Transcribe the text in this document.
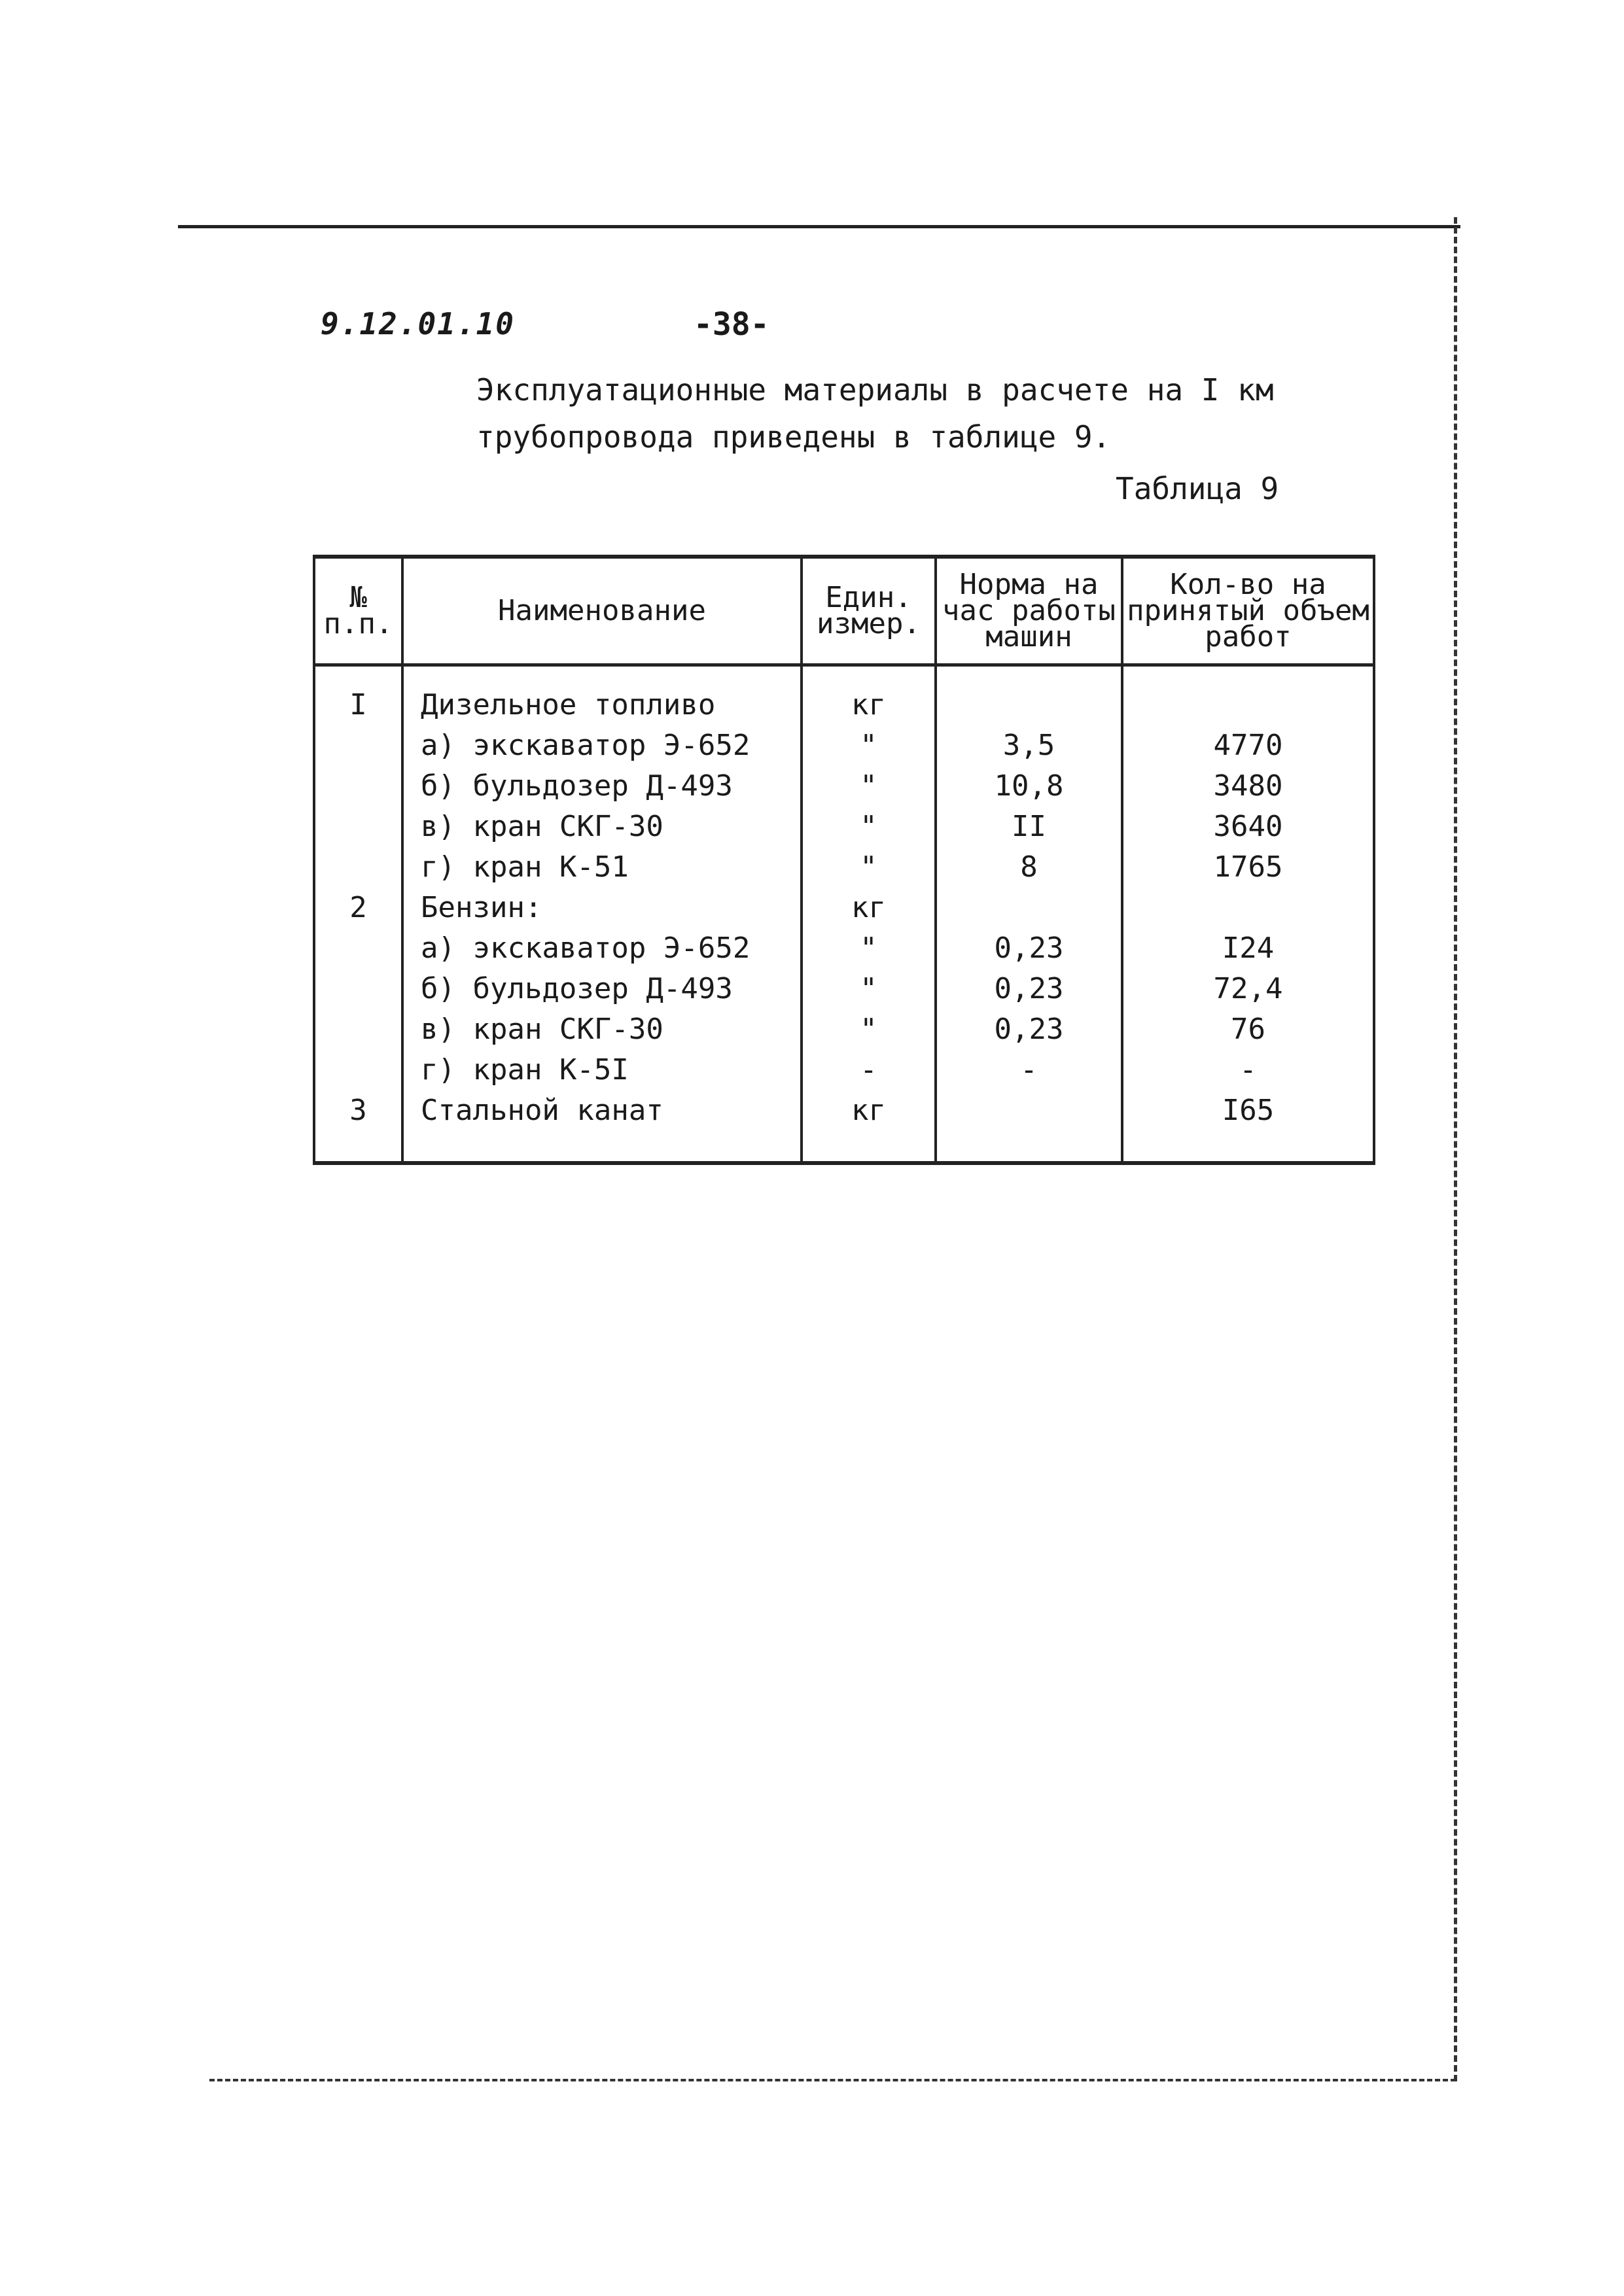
9.12.01.10	-38-
Эксплуатационные материалы в расчете на I км трубопровода приведены в таблице 9.
Таблица 9
№ п.п.	Наименование	Един. измер.	Норма на час работы машин	Кол-во на принятый объем работ
I	Дизельное топливо	кг		
	а) экскаватор Э-652	"	3,5	4770
	б) бульдозер Д-493	"	10,8	3480
	в) кран СКГ-30	"	II	3640
	г) кран К-51	"	8	1765
2	Бензин:	кг		
	а) экскаватор Э-652	"	0,23	I24
	б) бульдозер Д-493	"	0,23	72,4
	в) кран СКГ-30	"	0,23	76
	г) кран К-5I	-	-	-
3	Стальной канат	кг		I65
